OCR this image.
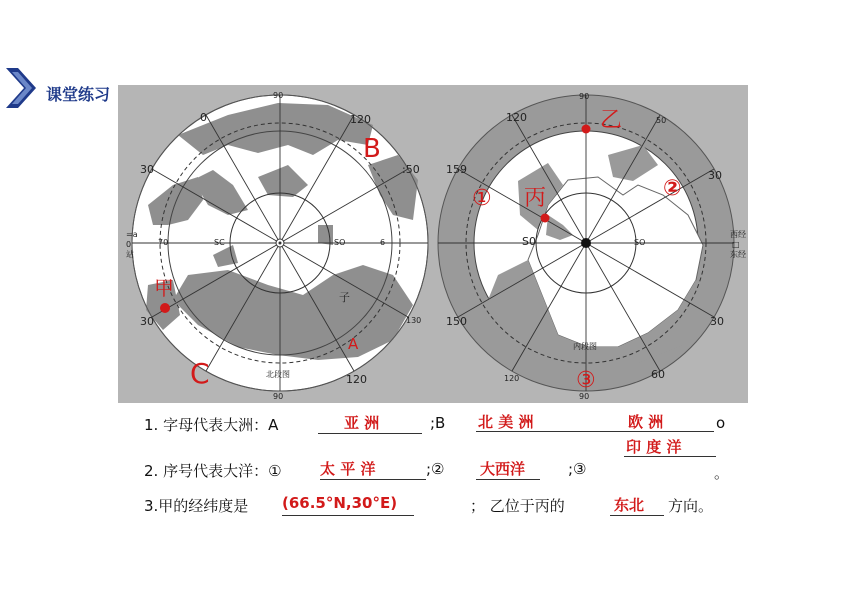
课堂练习	90
120
0
30	:50
30	130
120
90
70	SC	SO	6
=a
0
站
子
北段图
A
B
C
甲
90
120	50
159	30
150	30
120	60
90
S0	SO
西经
□
东经
内段图
乙
丙
①	②
③
1. 字母代表大洲：A	亚 洲	;B 北 美 洲	欧 洲	o
印 度 洋
2. 序号代表大洋：①	太 平 洋	;② 大西洋	;③	。
3.甲的经纬度是 (66.5°N,30°E)	； 乙位于丙的	东北 方向。
